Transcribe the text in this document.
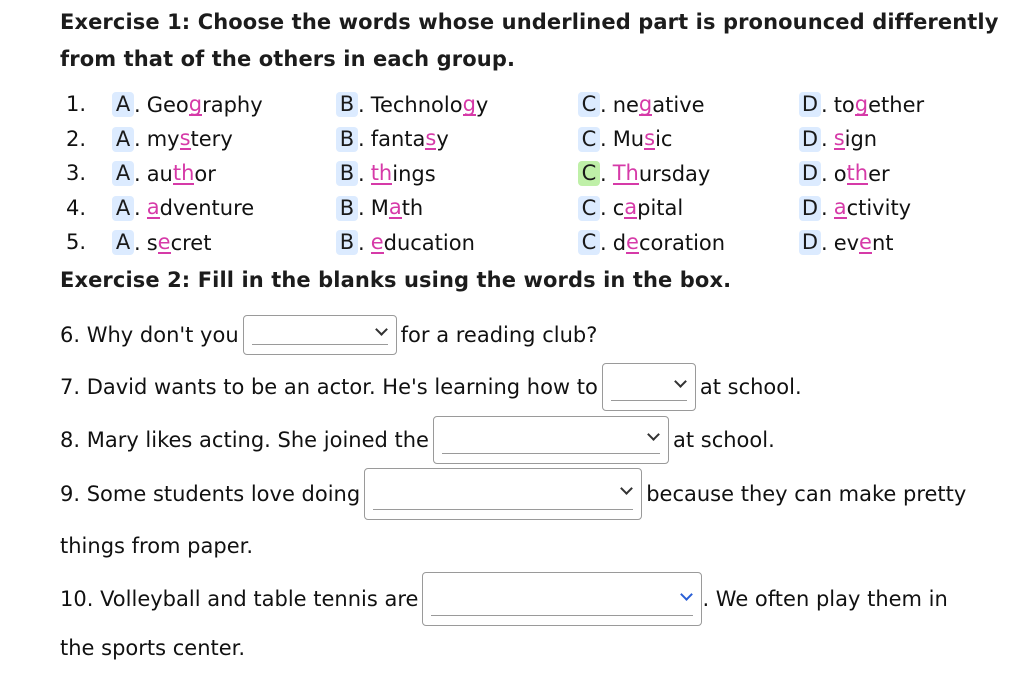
Exercise 1: Choose the words whose underlined part is pronounced differently from that of the others in each group.
1.	A . Geo g raphy	B . Technolo g y	C . ne g ative	D . to g ether
2.	A . my s tery	B . fanta s y	C . Mu s ic	D . s ign
3.	A . au th or	B . th ings	C . Th ursday	D . o th er
4.	A . a dventure	B . M a th	C . c a pital	D . a ctivity
5.	A . s e cret	B . e ducation	C . d e coration	D . ev e nt
Exercise 2: Fill in the blanks using the words in the box.
6. Why don't you	for a reading club?
7. David wants to be an actor. He's learning how to	at school.
8. Mary likes acting. She joined the	at school.
9. Some students love doing	because they can make pretty
things from paper.
10. Volleyball and table tennis are	. We often play them in
the sports center.
